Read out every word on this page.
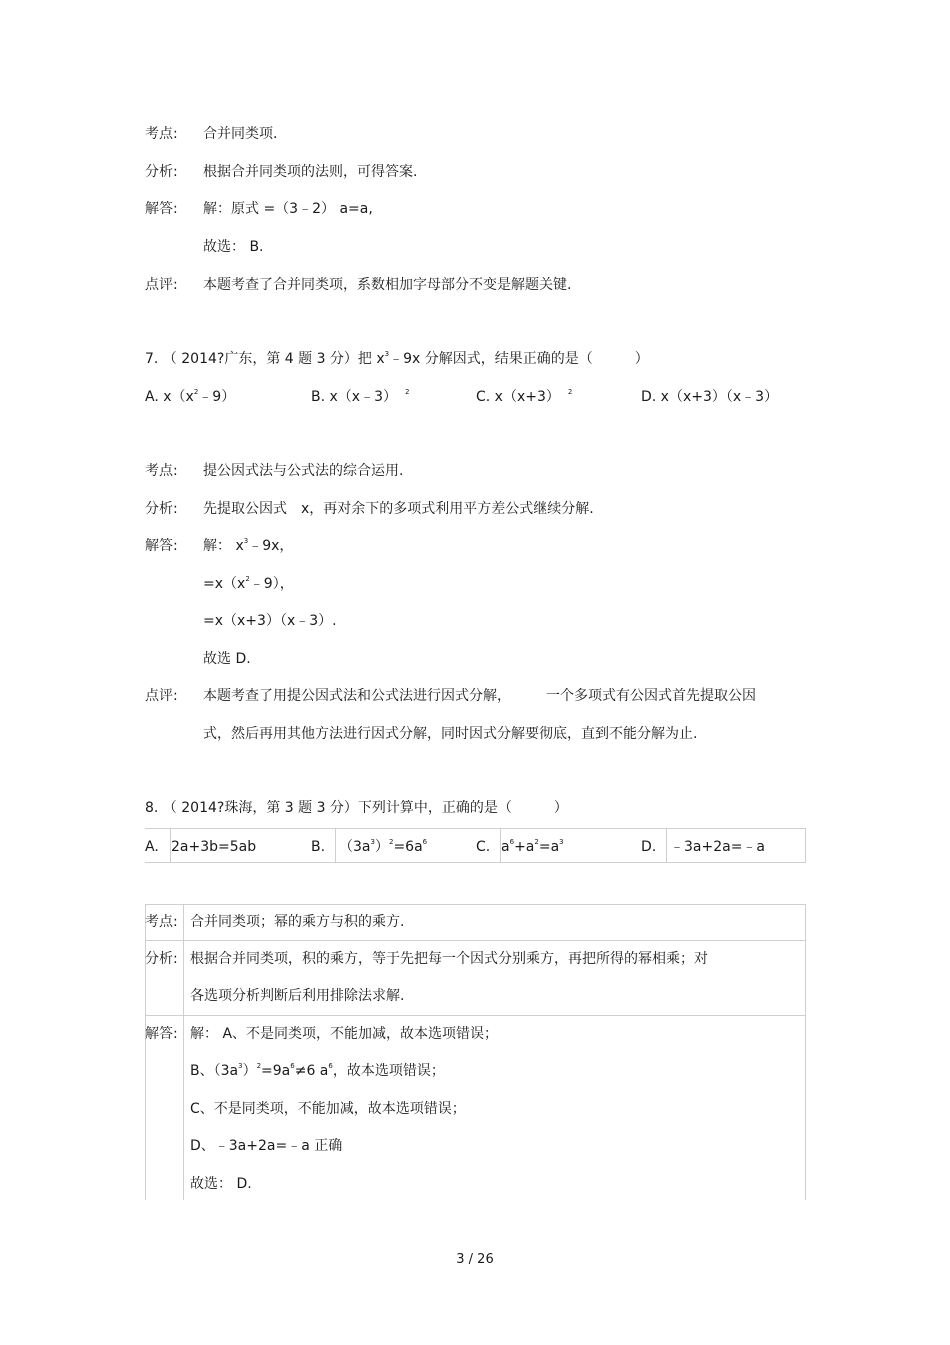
考点: 合并同类项.
分析: 根据合并同类项的法则，可得答案.
解答: 解：原式 =（3﹣2） a=a,
故选： B.
点评: 本题考查了合并同类项，系数相加字母部分不变是解题关键.
7. （ 2014?广东，第 4 题 3 分）把 $x^3﹣9x$ 分解因式，结果正确的是（　　　）
A. $x(x^2﹣9)$	B. x（x﹣3） $^2$	C. x（x+3） $^2$	D. x（x+3）（x﹣3）
考点: 提公因式法与公式法的综合运用.
分析: 先提取公因式　x，再对余下的多项式利用平方差公式继续分解.
解答: 解： $x^3﹣9x$，
$=x(x^2﹣9)$，
=x（x+3）（x﹣3）.
故选 D.
点评: 本题考查了用提公因式法和公式法进行因式分解，　　　一个多项式有公因式首先提取公因
式，然后再用其他方法进行因式分解，同时因式分解要彻底，直到不能分解为止.
8. （ 2014?珠海，第 3 题 3 分）下列计算中，正确的是（　　　）
A. 2a+3b=5ab	B. $(3a^3)^2=6a^6$	C. $a^6+a^2=a^3$	D. ﹣3a+2a=﹣a
考点: 合并同类项；幂的乘方与积的乘方.
分析: 根据合并同类项，积的乘方，等于先把每一个因式分别乘方，再把所得的幂相乘；对
各选项分析判断后利用排除法求解.
解答: 解： A、不是同类项，不能加减，故本选项错误；
B、$(3a^3)^2=9a^6\ne 6$ $a^6$，故本选项错误；
C、不是同类项，不能加减，故本选项错误；
D、﹣3a+2a=﹣a 正确
故选： D.
3 / 26
